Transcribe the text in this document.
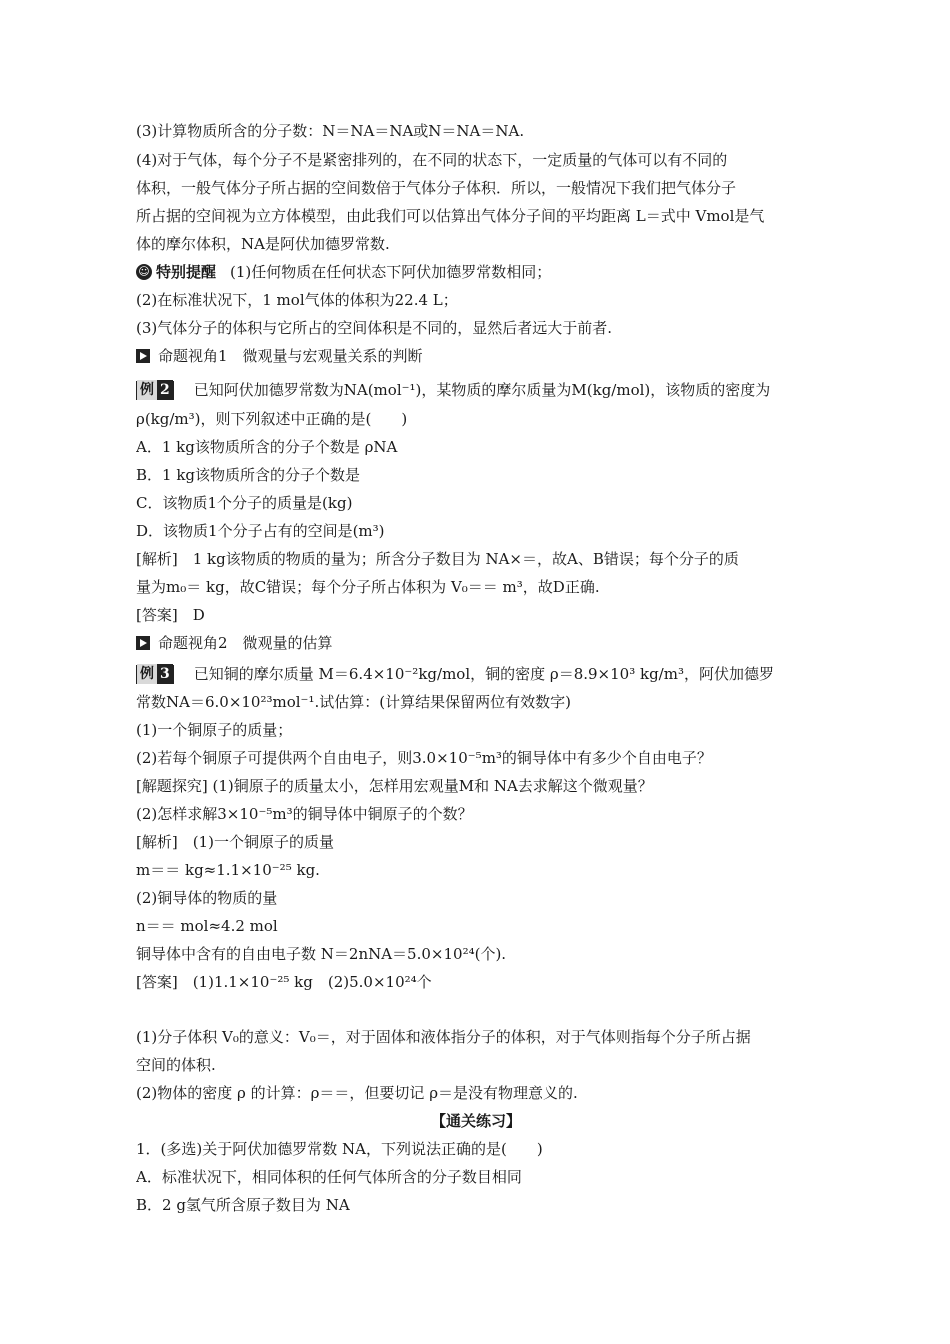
(3)计算物质所含的分子数：N＝NA＝NA或N＝NA＝NA.
(4)对于气体，每个分子不是紧密排列的，在不同的状态下，一定质量的气体可以有不同的
体积，一般气体分子所占据的空间数倍于气体分子体积．所以，一般情况下我们把气体分子
所占据的空间视为立方体模型，由此我们可以估算出气体分子间的平均距离 L＝式中 Vmol是气
体的摩尔体积，NA是阿伏加德罗常数.
☺ 特别提醒 (1)任何物质在任何状态下阿伏加德罗常数相同；
(2)在标准状况下，1 mol气体的体积为22.4 L；
(3)气体分子的体积与它所占的空间体积是不同的，显然后者远大于前者.
命题视角1　微观量与宏观量关系的判断
例 2 已知阿伏加德罗常数为NA(mol⁻¹)，某物质的摩尔质量为M(kg/mol)，该物质的密度为
ρ(kg/m³)，则下列叙述中正确的是(　　)
A．1 kg该物质所含的分子个数是 ρNA
B．1 kg该物质所含的分子个数是
C．该物质1个分子的质量是(kg)
D．该物质1个分子占有的空间是(m³)
[解析]　1 kg该物质的物质的量为；所含分子数目为 NA×＝，故A、B错误；每个分子的质
量为m₀＝ kg，故C错误；每个分子所占体积为 V₀＝＝ m³，故D正确.
[答案]　D
命题视角2　微观量的估算
例 3 已知铜的摩尔质量 M＝6.4×10⁻²kg/mol，铜的密度 ρ＝8.9×10³ kg/m³，阿伏加德罗
常数NA＝6.0×10²³mol⁻¹.试估算：(计算结果保留两位有效数字)
(1)一个铜原子的质量；
(2)若每个铜原子可提供两个自由电子，则3.0×10⁻⁵m³的铜导体中有多少个自由电子？
[解题探究] (1)铜原子的质量太小，怎样用宏观量M和 NA去求解这个微观量？
(2)怎样求解3×10⁻⁵m³的铜导体中铜原子的个数？
[解析]　(1)一个铜原子的质量
m＝＝ kg≈1.1×10⁻²⁵ kg.
(2)铜导体的物质的量
n＝＝ mol≈4.2 mol
铜导体中含有的自由电子数 N＝2nNA＝5.0×10²⁴(个).
[答案]　(1)1.1×10⁻²⁵ kg　(2)5.0×10²⁴个
(1)分子体积 V₀的意义：V₀＝，对于固体和液体指分子的体积，对于气体则指每个分子所占据
空间的体积.
(2)物体的密度 ρ 的计算：ρ＝＝，但要切记 ρ＝是没有物理意义的.
【通关练习】
1．(多选)关于阿伏加德罗常数 NA，下列说法正确的是(　　)
A．标准状况下，相同体积的任何气体所含的分子数目相同
B．2 g氢气所含原子数目为 NA
